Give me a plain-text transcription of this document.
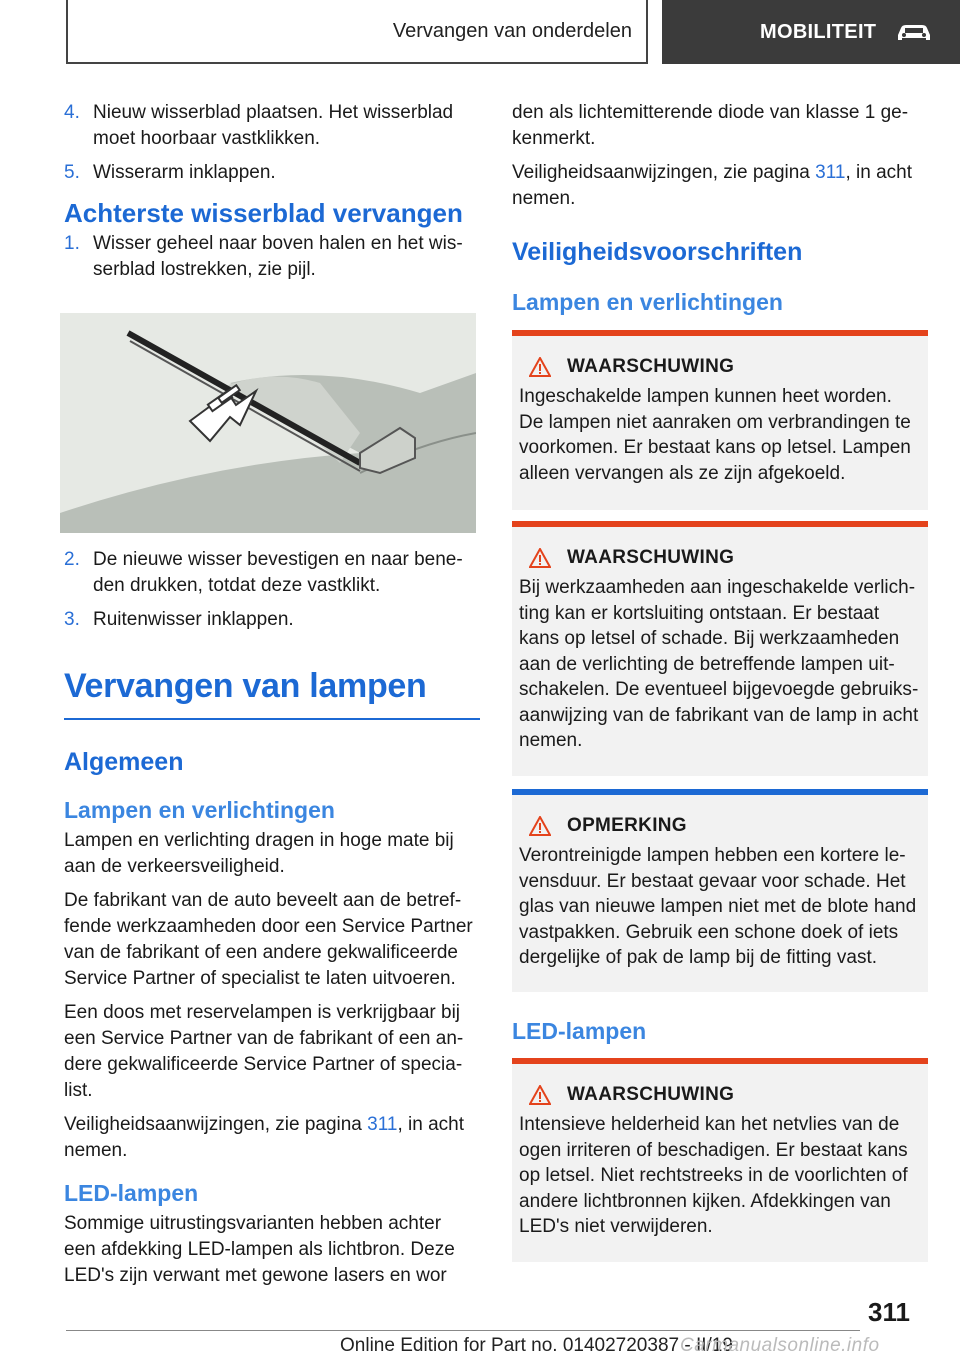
Vervangen van onderdelen	MOBILITEIT
4. Nieuw wisserblad plaatsen. Het wisserblad moet hoorbaar vastklikken.
5. Wisserarm inklappen.
Achterste wisserblad vervangen
1. Wisser geheel naar boven halen en het wisserblad lostrekken, zie pijl.
2. De nieuwe wisser bevestigen en naar beneden drukken, totdat deze vastklikt.
3. Ruitenwisser inklappen.
Vervangen van lampen
Algemeen
Lampen en verlichtingen

Lampen en verlichting dragen in hoge mate bij aan de verkeersveiligheid.

De fabrikant van de auto beveelt aan de betreffende werkzaamheden door een Service Partner van de fabrikant of een andere gekwalificeerde Service Partner of specialist te laten uitvoeren.

Een doos met reservelampen is verkrijgbaar bij een Service Partner van de fabrikant of een andere gekwalificeerde Service Partner of specialist.

Veiligheidsaanwijzingen, zie pagina 311, in acht nemen.

LED-lampen

Sommige uitrustingsvarianten hebben achter een afdekking LED-lampen als lichtbron. Deze LED's zijn verwant met gewone lasers en wor

den als lichtemitterende diode van klasse 1 gekenmerkt.

Veiligheidsaanwijzingen, zie pagina 311, in acht nemen.

Veiligheidsvoorschriften
Lampen en verlichtingen
WAARSCHUWING
Ingeschakelde lampen kunnen heet worden. De lampen niet aanraken om verbrandingen te voorkomen. Er bestaat kans op letsel. Lampen alleen vervangen als ze zijn afgekoeld.
WAARSCHUWING
Bij werkzaamheden aan ingeschakelde verlichting kan er kortsluiting ontstaan. Er bestaat kans op letsel of schade. Bij werkzaamheden aan de verlichting de betreffende lampen uitschakelen. De eventueel bijgevoegde gebruiksaanwijzing van de fabrikant van de lamp in acht nemen.
OPMERKING
Verontreinigde lampen hebben een kortere levensduur. Er bestaat gevaar voor schade. Het glas van nieuwe lampen niet met de blote hand vastpakken. Gebruik een schone doek of iets dergelijke of pak de lamp bij de fitting vast.
LED-lampen
WAARSCHUWING
Intensieve helderheid kan het netvlies van de ogen irriteren of beschadigen. Er bestaat kans op letsel. Niet rechtstreeks in de voorlichten of andere lichtbronnen kijken. Afdekkingen van LED's niet verwijderen.
311
Online Edition for Part no. 01402720387 - II/19
Carmanualsonline.info
